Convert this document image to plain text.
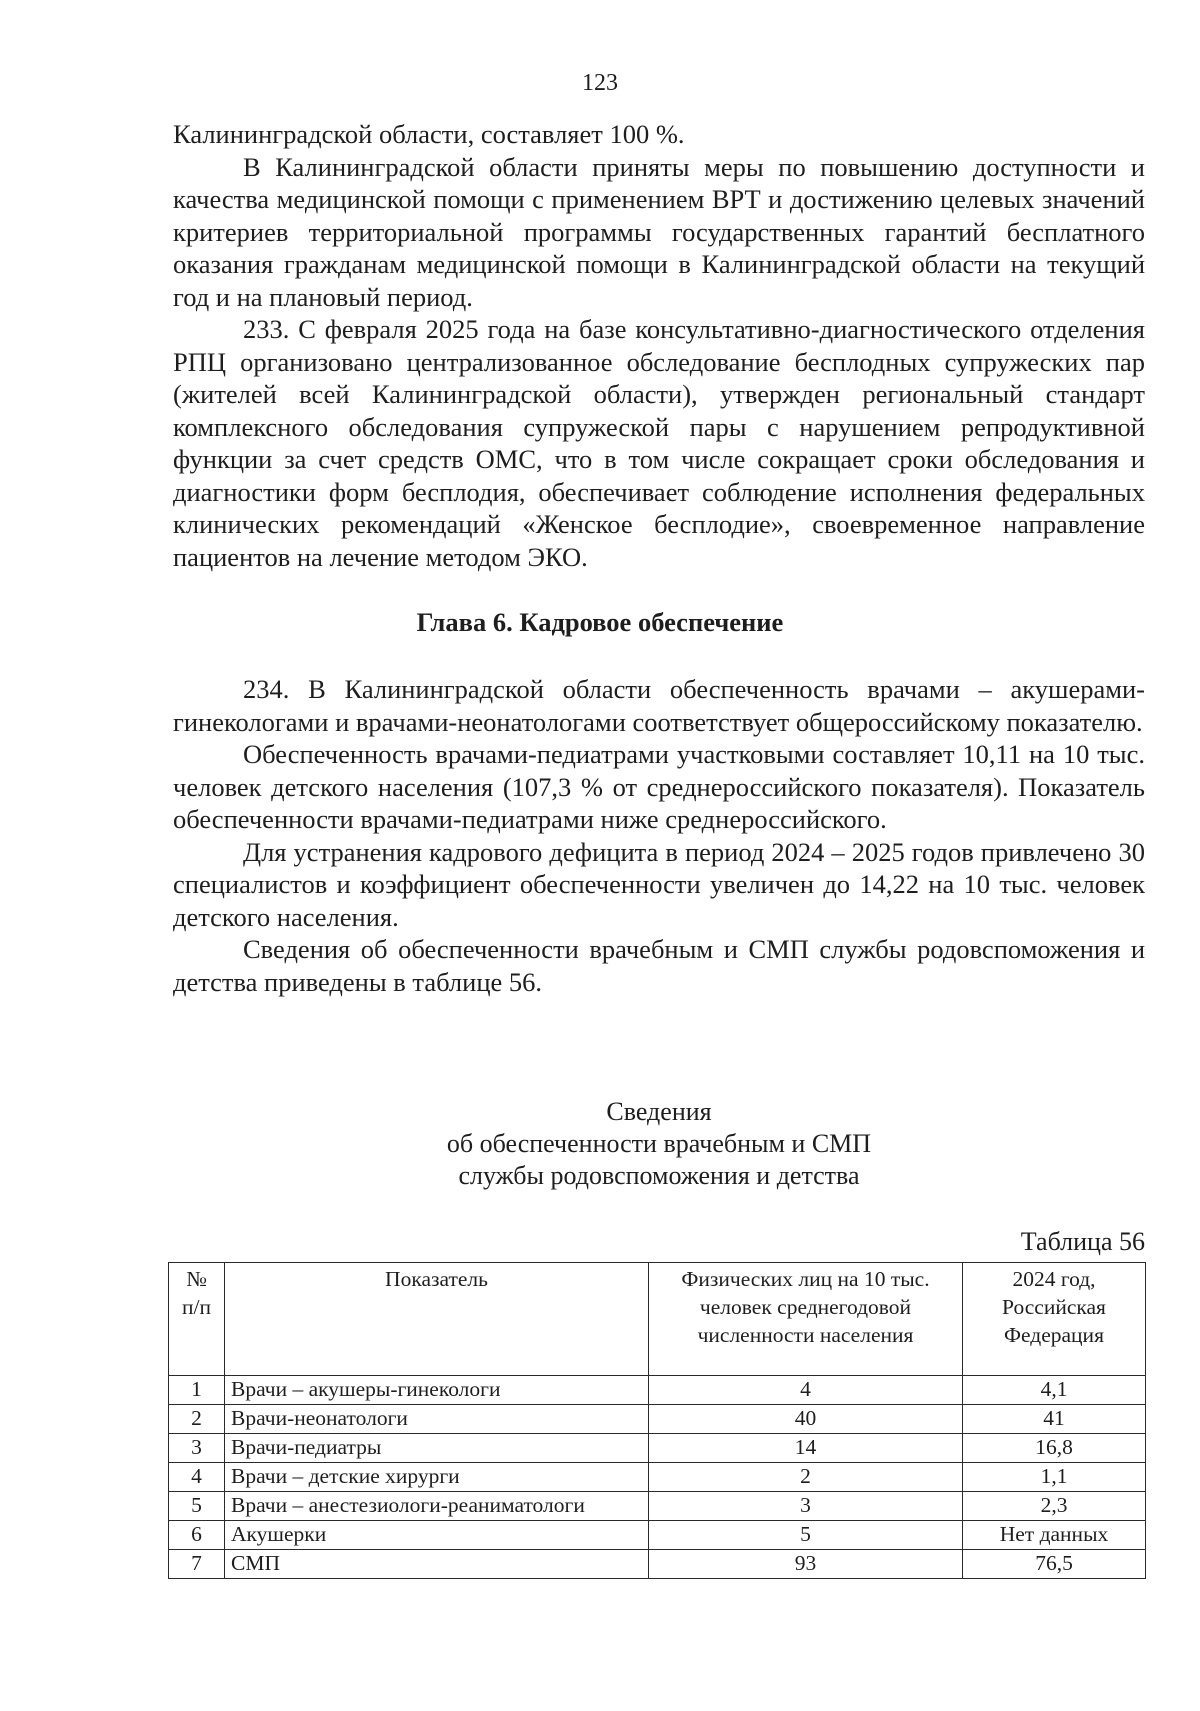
123

Калининградской области, составляет 100 %.

В Калининградской области приняты меры по повышению доступности и качества медицинской помощи с применением ВРТ и достижению целевых значений критериев территориальной программы государственных гарантий бесплатного оказания гражданам медицинской помощи в Калининградской области на текущий год и на плановый период.

233. С февраля 2025 года на базе консультативно-диагностического отделения РПЦ организовано централизованное обследование бесплодных супружеских пар (жителей всей Калининградской области), утвержден региональный стандарт комплексного обследования супружеской пары с нарушением репродуктивной функции за счет средств ОМС, что в том числе сокращает сроки обследования и диагностики форм бесплодия, обеспечивает соблюдение исполнения федеральных клинических рекомендаций «Женское бесплодие», своевременное направление пациентов на лечение методом ЭКО.

Глава 6. Кадровое обеспечение

234. В Калининградской области обеспеченность врачами – акушерами-гинекологами и врачами-неонатологами соответствует общероссийскому показателю.

Обеспеченность врачами-педиатрами участковыми составляет 10,11 на 10 тыс. человек детского населения (107,3 % от среднероссийского показателя). Показатель обеспеченности врачами-педиатрами ниже среднероссийского.

Для устранения кадрового дефицита в период 2024 – 2025 годов привлечено 30 специалистов и коэффициент обеспеченности увеличен до 14,22 на 10 тыс. человек детского населения.

Сведения об обеспеченности врачебным и СМП службы родовспоможения и детства приведены в таблице 56.

Сведения
об обеспеченности врачебным и СМП
службы родовспоможения и детства
Таблица 56
№ п/п	Показатель	Физических лиц на 10 тыс. человек среднегодовой численности населения	2024 год, Российская Федерация
1	Врачи – акушеры-гинекологи	4	4,1
2	Врачи-неонатологи	40	41
3	Врачи-педиатры	14	16,8
4	Врачи – детские хирурги	2	1,1
5	Врачи – анестезиологи-реаниматологи	3	2,3
6	Акушерки	5	Нет данных
7	СМП	93	76,5
